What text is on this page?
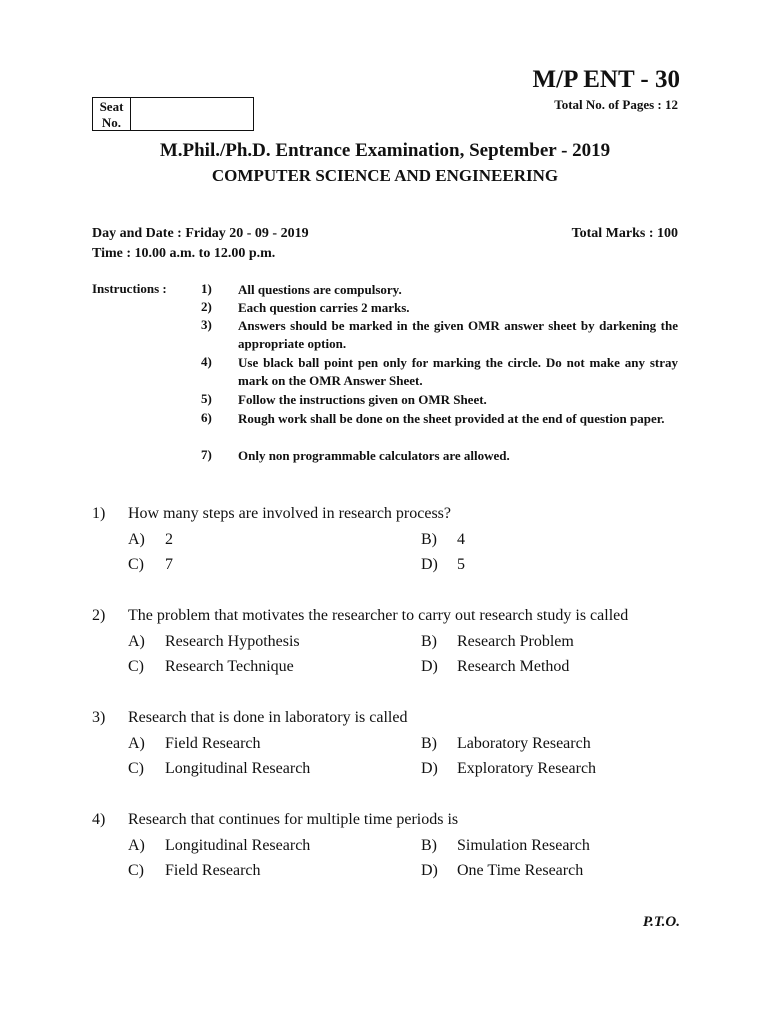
M/P ENT - 30
Total No. of Pages : 12
Seat No.
M.Phil./Ph.D. Entrance Examination, September - 2019
COMPUTER SCIENCE AND ENGINEERING
Day and Date : Friday 20 - 09 - 2019
Time : 10.00 a.m. to 12.00 p.m.
Total Marks : 100
Instructions :	1) All questions are compulsory.
2) Each question carries 2 marks.
3) Answers should be marked in the given OMR answer sheet by darkening the appropriate option.
4) Use black ball point pen only for marking the circle. Do not make any stray mark on the OMR Answer Sheet.
5) Follow the instructions given on OMR Sheet.
6) Rough work shall be done on the sheet provided at the end of question paper.
7) Only non programmable calculators are allowed.
1) How many steps are involved in research process?
A) 2	B) 4
C) 7	D) 5
2) The problem that motivates the researcher to carry out research study is called
A) Research Hypothesis	B) Research Problem
C) Research Technique	D) Research Method
3) Research that is done in laboratory is called
A) Field Research	B) Laboratory Research
C) Longitudinal Research	D) Exploratory Research
4) Research that continues for multiple time periods is
A) Longitudinal Research	B) Simulation Research
C) Field Research	D) One Time Research
P.T.O.
